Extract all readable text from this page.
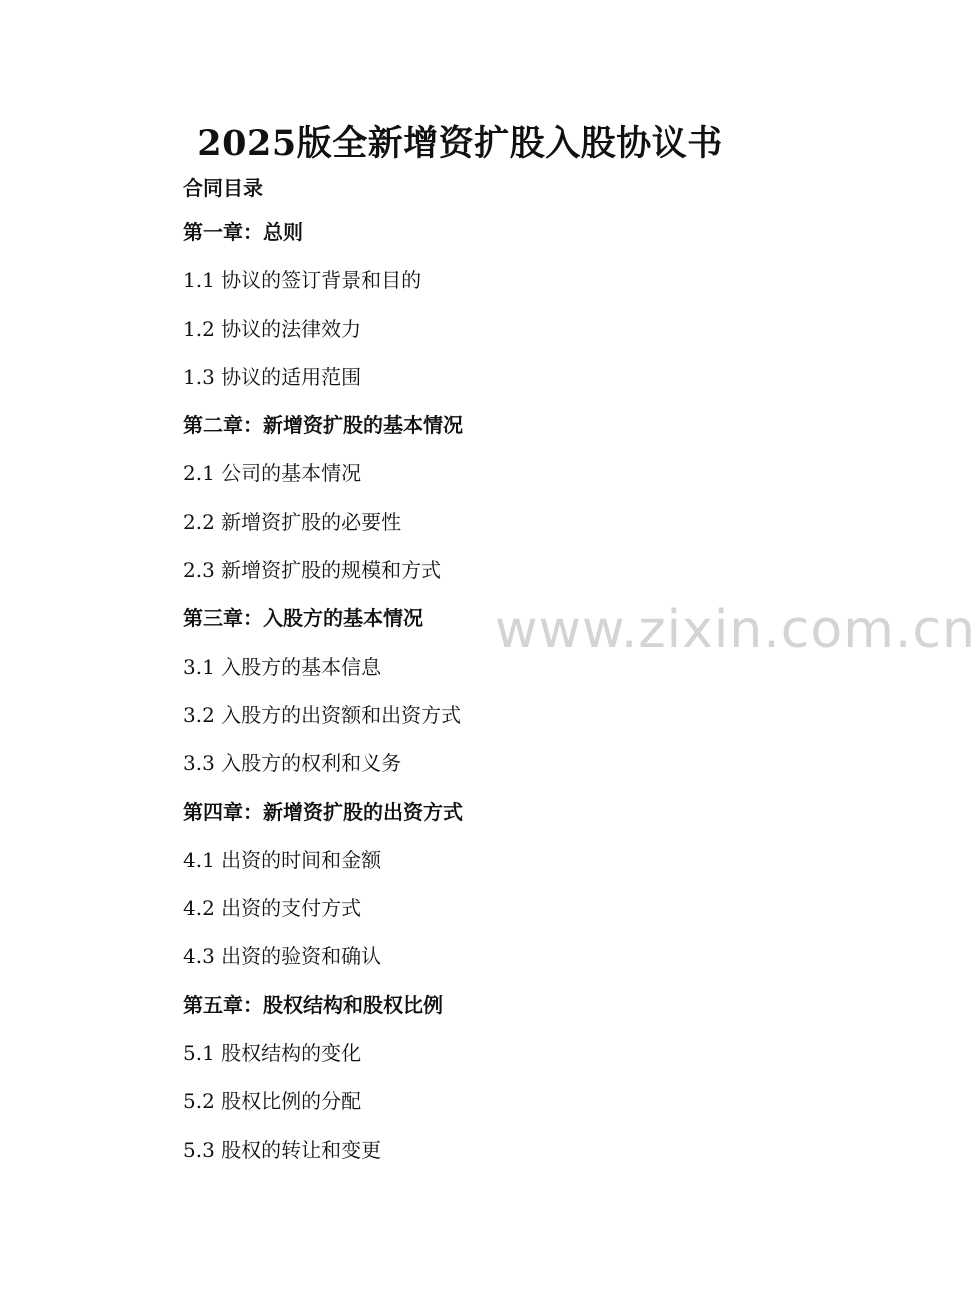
2025版全新增资扩股入股协议书
合同目录
第一章：总则
1.1 协议的签订背景和目的
1.2 协议的法律效力
1.3 协议的适用范围
第二章：新增资扩股的基本情况
2.1 公司的基本情况
2.2 新增资扩股的必要性
2.3 新增资扩股的规模和方式
第三章：入股方的基本情况
3.1 入股方的基本信息
3.2 入股方的出资额和出资方式
3.3 入股方的权利和义务
第四章：新增资扩股的出资方式
4.1 出资的时间和金额
4.2 出资的支付方式
4.3 出资的验资和确认
第五章：股权结构和股权比例
5.1 股权结构的变化
5.2 股权比例的分配
5.3 股权的转让和变更
www.zixin.com.cn
